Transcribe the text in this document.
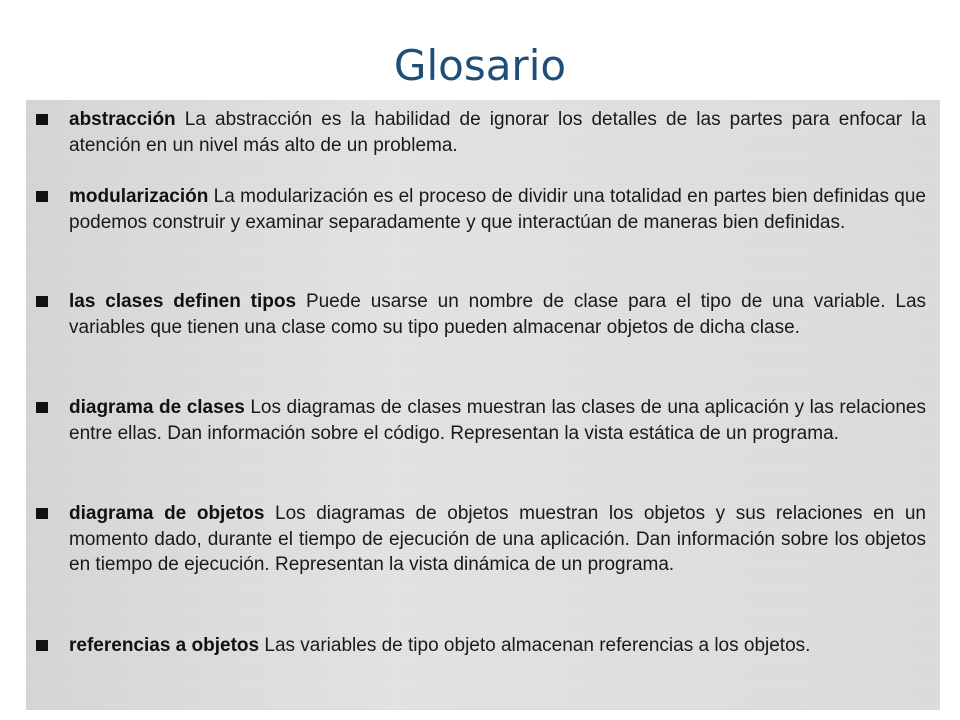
Glosario
abstracción La abstracción es la habilidad de ignorar los detalles de las partes para enfocar la atención en un nivel más alto de un problema.
modularización La modularización es el proceso de dividir una totalidad en partes bien definidas que podemos construir y examinar separadamente y que interactúan de maneras bien definidas.
las clases definen tipos Puede usarse un nombre de clase para el tipo de una variable. Las variables que tienen una clase como su tipo pueden almacenar objetos de dicha clase.
diagrama de clases Los diagramas de clases muestran las clases de una aplicación y las relaciones entre ellas. Dan información sobre el código. Representan la vista estática de un programa.
diagrama de objetos Los diagramas de objetos muestran los objetos y sus relaciones en un momento dado, durante el tiempo de ejecución de una aplicación. Dan información sobre los objetos en tiempo de ejecución. Representan la vista dinámica de un programa.
referencias a objetos Las variables de tipo objeto almacenan referencias a los objetos.
